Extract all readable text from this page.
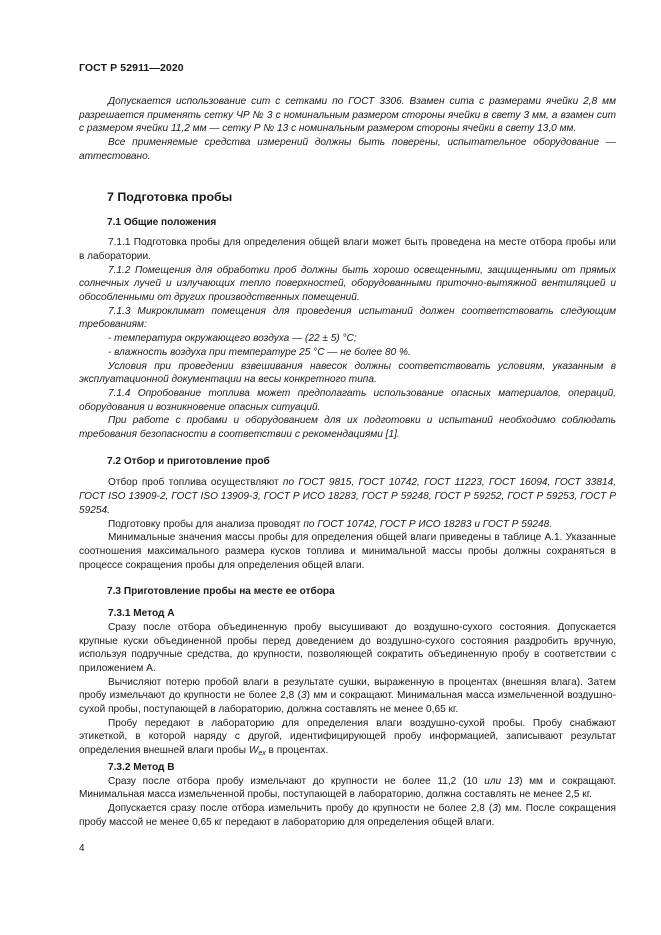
ГОСТ Р 52911—2020

Допускается использование сит с сетками по ГОСТ 3306. Взамен сита с размерами ячейки 2,8 мм разрешается применять сетку ЧР № 3 с номинальным размером стороны ячейки в свету 3 мм, а взамен сит с размером ячейки 11,2 мм — сетку Р № 13 с номинальным размером стороны ячейки в свету 13,0 мм.

Все применяемые средства измерений должны быть поверены, испытательное оборудование — аттестовано.

7 Подготовка пробы
7.1 Общие положения

7.1.1 Подготовка пробы для определения общей влаги может быть проведена на месте отбора пробы или в лаборатории.

7.1.2 Помещения для обработки проб должны быть хорошо освещенными, защищенными от прямых солнечных лучей и излучающих тепло поверхностей, оборудованными приточно-вытяжной вентиляцией и обособленными от других производственных помещений.

7.1.3 Микроклимат помещения для проведения испытаний должен соответствовать следующим требованиям:

- температура окружающего воздуха — (22 ± 5) °С;

- влажность воздуха при температуре 25 °С — не более 80 %.

Условия при проведении взвешивания навесок должны соответствовать условиям, указанным в эксплуатационной документации на весы конкретного типа.

7.1.4 Опробование топлива может предполагать использование опасных материалов, операций, оборудования и возникновение опасных ситуаций.

При работе с пробами и оборудованием для их подготовки и испытаний необходимо соблюдать требования безопасности в соответствии с рекомендациями [1].

7.2 Отбор и приготовление проб

Отбор проб топлива осуществляют по ГОСТ 9815, ГОСТ 10742, ГОСТ 11223, ГОСТ 16094, ГОСТ 33814, ГОСТ ISO 13909-2, ГОСТ ISO 13909-3, ГОСТ Р ИСО 18283, ГОСТ Р 59248, ГОСТ Р 59252, ГОСТ Р 59253, ГОСТ Р 59254.

Подготовку пробы для анализа проводят по ГОСТ 10742, ГОСТ Р ИСО 18283 и ГОСТ Р 59248.

Минимальные значения массы пробы для определения общей влаги приведены в таблице А.1. Указанные соотношения максимального размера кусков топлива и минимальной массы пробы должны сохраняться в процессе сокращения пробы для определения общей влаги.

7.3 Приготовление пробы на месте ее отбора
7.3.1 Метод А

Сразу после отбора объединенную пробу высушивают до воздушно-сухого состояния. Допускается крупные куски объединенной пробы перед доведением до воздушно-сухого состояния раздробить вручную, используя подручные средства, до крупности, позволяющей сократить объединенную пробу в соответствии с приложением А.

Вычисляют потерю пробой влаги в результате сушки, выраженную в процентах (внешняя влага). Затем пробу измельчают до крупности не более 2,8 (3) мм и сокращают. Минимальная масса измельченной воздушно-сухой пробы, поступающей в лабораторию, должна составлять не менее 0,65 кг.

Пробу передают в лабораторию для определения влаги воздушно-сухой пробы. Пробу снабжают этикеткой, в которой наряду с другой, идентифицирующей пробу информацией, записывают результат определения внешней влаги пробы $W_{ex}$ в процентах.

7.3.2 Метод В

Сразу после отбора пробу измельчают до крупности не более 11,2 (10 или 13) мм и сокращают. Минимальная масса измельченной пробы, поступающей в лабораторию, должна составлять не менее 2,5 кг.

Допускается сразу после отбора измельчить пробу до крупности не более 2,8 (3) мм. После сокращения пробу массой не менее 0,65 кг передают в лабораторию для определения общей влаги.

4
